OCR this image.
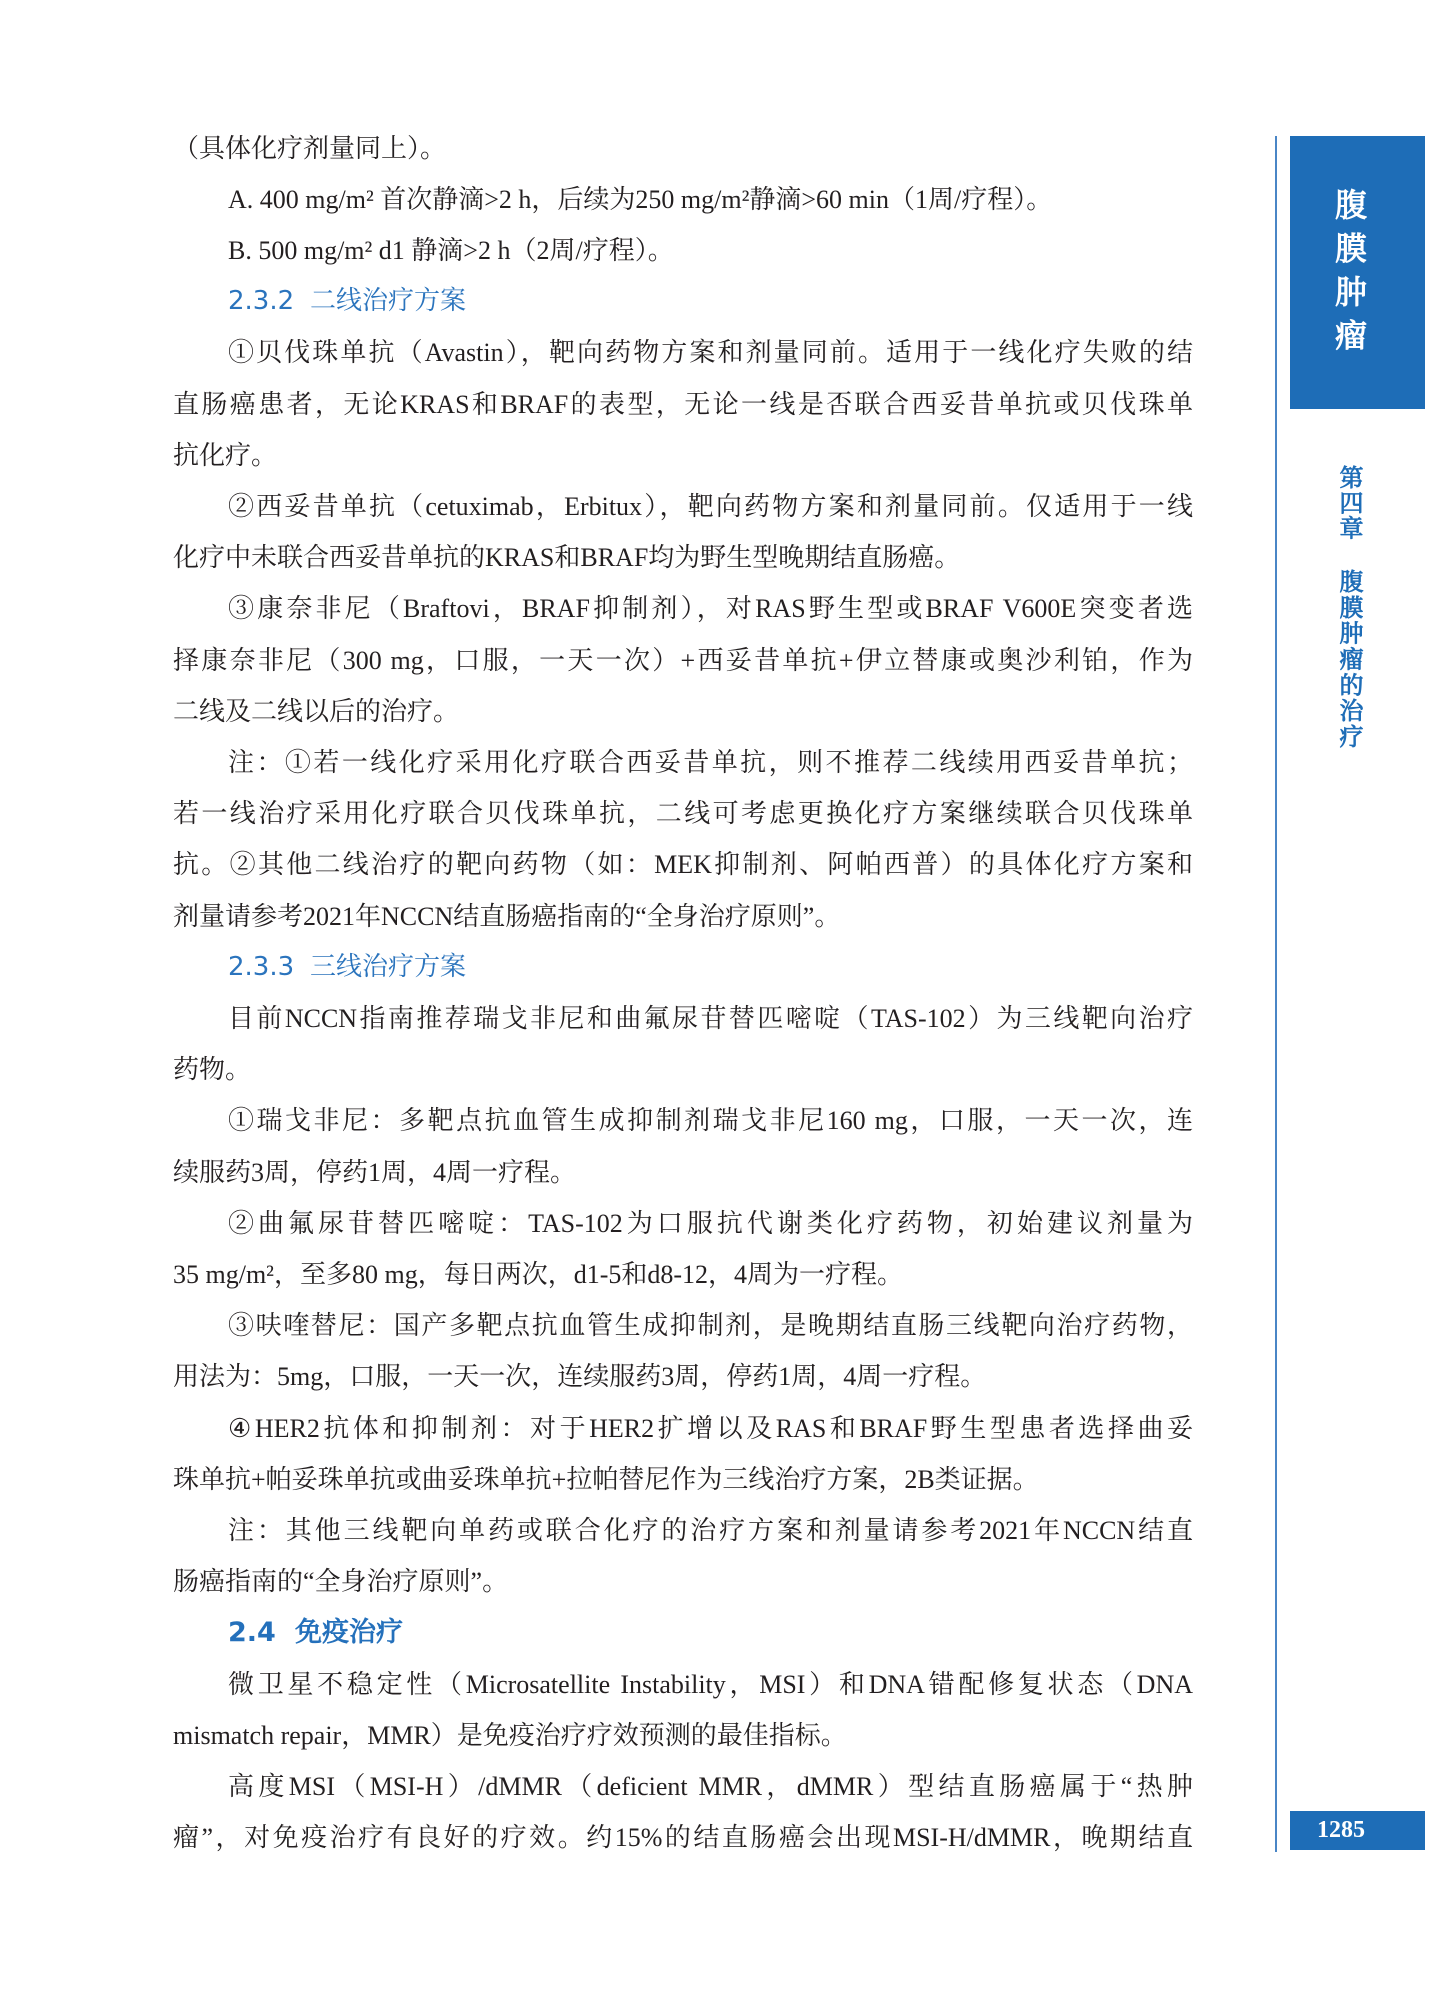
（具体化疗剂量同上）。
A. 400 mg/m² 首次静滴>2 h，后续为250 mg/m²静滴>60 min（1周/疗程）。
B. 500 mg/m² d1 静滴>2 h（2周/疗程）。
2.3.2 二线治疗方案
①贝伐珠单抗（Avastin），靶向药物方案和剂量同前。适用于一线化疗失败的结
直肠癌患者，无论KRAS和BRAF的表型，无论一线是否联合西妥昔单抗或贝伐珠单
抗化疗。
②西妥昔单抗（cetuximab，Erbitux），靶向药物方案和剂量同前。仅适用于一线
化疗中未联合西妥昔单抗的KRAS和BRAF均为野生型晚期结直肠癌。
③康奈非尼（Braftovi，BRAF抑制剂），对RAS野生型或BRAF V600E突变者选
择康奈非尼（300 mg，口服，一天一次）+西妥昔单抗+伊立替康或奥沙利铂，作为
二线及二线以后的治疗。
注：①若一线化疗采用化疗联合西妥昔单抗，则不推荐二线续用西妥昔单抗；
若一线治疗采用化疗联合贝伐珠单抗，二线可考虑更换化疗方案继续联合贝伐珠单
抗。②其他二线治疗的靶向药物（如：MEK抑制剂、阿帕西普）的具体化疗方案和
剂量请参考2021年NCCN结直肠癌指南的“全身治疗原则”。
2.3.3 三线治疗方案
目前NCCN指南推荐瑞戈非尼和曲氟尿苷替匹嘧啶（TAS-102）为三线靶向治疗
药物。
①瑞戈非尼：多靶点抗血管生成抑制剂瑞戈非尼160 mg，口服，一天一次，连
续服药3周，停药1周，4周一疗程。
②曲氟尿苷替匹嘧啶：TAS-102为口服抗代谢类化疗药物，初始建议剂量为
35 mg/m²，至多80 mg，每日两次，d1-5和d8-12，4周为一疗程。
③呋喹替尼：国产多靶点抗血管生成抑制剂，是晚期结直肠三线靶向治疗药物，
用法为：5mg，口服，一天一次，连续服药3周，停药1周，4周一疗程。
④HER2抗体和抑制剂：对于HER2扩增以及RAS和BRAF野生型患者选择曲妥
珠单抗+帕妥珠单抗或曲妥珠单抗+拉帕替尼作为三线治疗方案，2B类证据。
注：其他三线靶向单药或联合化疗的治疗方案和剂量请参考2021年NCCN结直
肠癌指南的“全身治疗原则”。
2.4 免疫治疗
微卫星不稳定性（Microsatellite Instability，MSI）和DNA错配修复状态（DNA
mismatch repair，MMR）是免疫治疗疗效预测的最佳指标。
高度MSI（MSI-H）/dMMR（deficient MMR，dMMR）型结直肠癌属于“热肿
瘤”，对免疫治疗有良好的疗效。约15%的结直肠癌会出现MSI-H/dMMR，晚期结直
腹膜肿瘤
第四章
腹膜肿瘤的治疗
1285
